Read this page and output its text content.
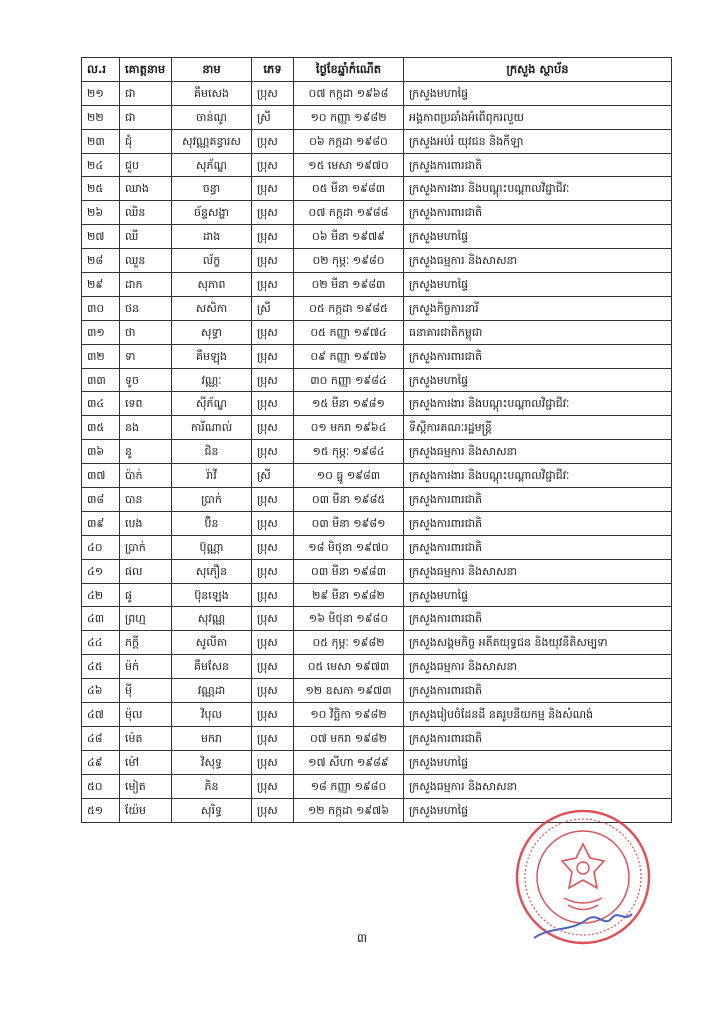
ល.រ	គោត្តនាម	នាម	ភេទ	ថ្ងៃខែឆ្នាំកំណើត	ក្រសួង ស្ថាប័ន
២១	ជា	គឹមសេង	ប្រុស	០៧ កក្កដា ១៩៦៨	ក្រសួងមហាផ្ទៃ
២២	ជា	ចាន់ណូ	ស្រី	១០ កញ្ញា ១៩៨២	អង្គភាពប្រឆាំងអំពើពុករលួយ
២៣	ជុំ	សុវណ្ណគន្ធារស	ប្រុស	០៦ កក្កដា ១៩៨០	ក្រសួងអប់រំ យុវជន និងកីឡា
២៤	ជួប	សុភ័ណ្ឌ	ប្រុស	១៥ មេសា ១៩៧០	ក្រសួងការពារជាតិ
២៥	ឈាង	ចន្ធា	ប្រុស	០៥ មីនា ១៩៨៣	ក្រសួងការងារ និងបណ្ដុះបណ្ដាលវិជ្ជាជីវៈ
២៦	ឈិន	ច័ន្ទសង្ហា	ប្រុស	០៧ កក្កដា ១៩៨៨	ក្រសួងការពារជាតិ
២៧	ឈី	ដាង	ប្រុស	០៦ មីនា ១៩៧៩	ក្រសួងមហាផ្ទៃ
២៨	ឈួន	ល័ក្ខ	ប្រុស	០២ កុម្ភៈ ១៩៨០	ក្រសួងធម្មការ និងសាសនា
២៩	ដាក	សុភាព	ប្រុស	០២ មីនា ១៩៨៣	ក្រសួងមហាផ្ទៃ
៣០	ថន	សសិកា	ស្រី	០៥ កក្កដា ១៩៨៥	ក្រសួងកិច្ចការនារី
៣១	ថា	សុទ្ធា	ប្រុស	០៥ កញ្ញា ១៩៧៤	ធនាគារជាតិកម្ពុជា
៣២	ទា	គឹមឡុង	ប្រុស	០៩ កញ្ញា ១៩៧៦	ក្រសួងការពារជាតិ
៣៣	ទូច	វណ្ណៈ	ប្រុស	៣០ កញ្ញា ១៩៨៤	ក្រសួងមហាផ្ទៃ
៣៤	ទេព	ស៊ីភ័ណ្ឌ	ប្រុស	១៥ មីនា ១៩៨១	ក្រសួងការងារ និងបណ្ដុះបណ្ដាលវិជ្ជាជីវៈ
៣៥	នង	ការីណាល់	ប្រុស	០១ មករា ១៩៦៤	ទីស្ដីការគណៈរដ្ឋមន្ត្រី
៣៦	នូ	ជិន	ប្រុស	១៥ កុម្ភៈ ១៩៨៤	ក្រសួងធម្មការ និងសាសនា
៣៧	ប៉ាក់	រ៉ាវី	ស្រី	១០ ធ្នូ ១៩៨៣	ក្រសួងការងារ និងបណ្ដុះបណ្ដាលវិជ្ជាជីវៈ
៣៨	បាន	ប្រាក់	ប្រុស	០៣ មីនា ១៩៨៥	ក្រសួងការពារជាតិ
៣៩	បេង	ប៊ិន	ប្រុស	០៣ មីនា ១៩៨១	ក្រសួងការពារជាតិ
៤០	ប្រាក់	ប៊ុណ្ណា	ប្រុស	១៨ មិថុនា ១៩៧០	ក្រសួងការពារជាតិ
៤១	ផល	សុភឿន	ប្រុស	០៣ មីនា ១៩៨៣	ក្រសួងធម្មការ និងសាសនា
៤២	ផូ	ប៊ុនឡេង	ប្រុស	២៩ មីនា ១៩៨២	ក្រសួងមហាផ្ទៃ
៤៣	ព្រហ្ម	សុវណ្ណ	ប្រុស	១៦ មិថុនា ១៩៨០	ក្រសួងការពារជាតិ
៤៤	ភក្តី	សូលីតា	ប្រុស	០៥ កុម្ភៈ ១៩៨២	ក្រសួងសង្គមកិច្ច អតីតយុទ្ធជន និងយុវនីតិសម្បទា
៤៥	ម៉ក់	គឹមសែន	ប្រុស	០៥ មេសា ១៩៧៣	ក្រសួងធម្មការ និងសាសនា
៤៦	ម៉ី	វណ្ណដា	ប្រុស	១២ ឧសភា ១៩៧៣	ក្រសួងការពារជាតិ
៤៧	ម៉ុល	វិបុល	ប្រុស	១០ វិច្ឆិកា ១៩៨២	ក្រសួងរៀបចំដែនដី នគរូបនីយកម្ម និងសំណង់
៤៨	ម៉េត	មករា	ប្រុស	០៧ មករា ១៩៨២	ក្រសួងការពារជាតិ
៤៩	ម៉ៅ	វិសុទ្ធ	ប្រុស	១៧ សីហា ១៩៨៩	ក្រសួងមហាផ្ទៃ
៥០	មៀត	ភិន	ប្រុស	១៨ កញ្ញា ១៩៨០	ក្រសួងធម្មការ និងសាសនា
៥១	យ៉ែម	សុរិទ្ធ	ប្រុស	១២ កក្កដា ១៩៧៦	ក្រសួងមហាផ្ទៃ
៣
